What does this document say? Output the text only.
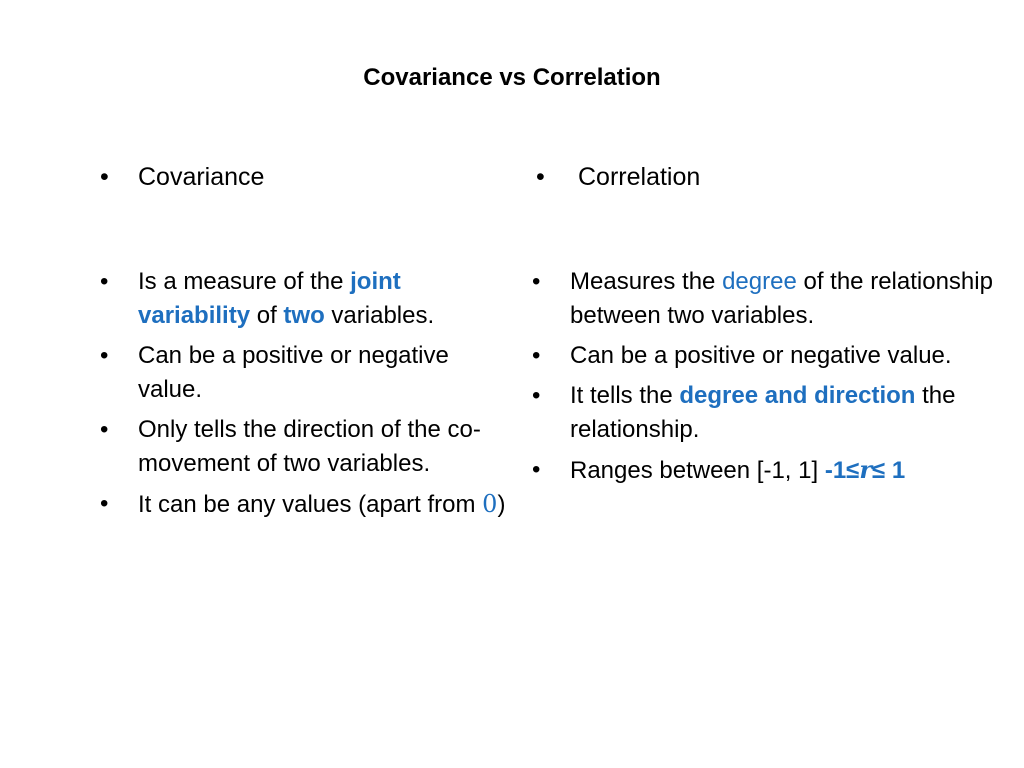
Covariance vs Correlation
•	Covariance	•	Correlation
•	Is a measure of the joint variability of two variables.
•	Can be a positive or negative value.
•	Only tells the direction of the co-movement of two variables.
•	It can be any values (apart from 0)
•	Measures the degree of the relationship between two variables.
•	Can be a positive or negative value.
•	It tells the degree and direction the relationship.
•	Ranges between [-1, 1] -1≤r≤ 1
